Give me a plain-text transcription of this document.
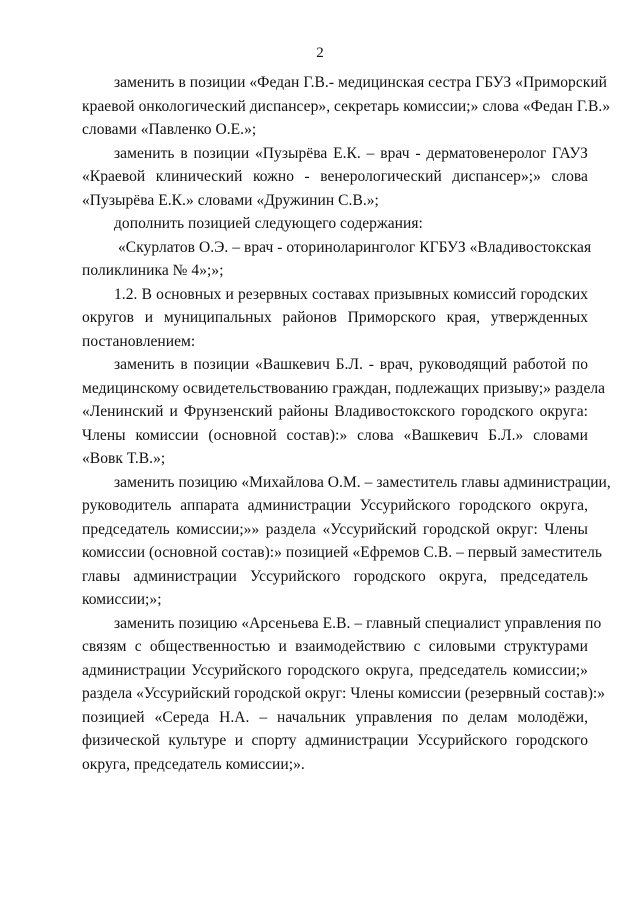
2
заменить в позиции «Федан Г.В.- медицинская сестра ГБУЗ «Приморский
краевой онкологический диспансер», секретарь комиссии;» слова «Федан Г.В.»
словами «Павленко О.Е.»;
заменить в позиции «Пузырёва Е.К. – врач - дерматовенеролог ГАУЗ
«Краевой клинический кожно - венерологический диспансер»;» слова
«Пузырёва Е.К.» словами «Дружинин С.В.»;
дополнить позицией следующего содержания:
«Скурлатов О.Э. – врач - оториноларинголог КГБУЗ «Владивостокская
поликлиника № 4»;»;
1.2. В основных и резервных составах призывных комиссий городских
округов и муниципальных районов Приморского края, утвержденных
постановлением:
заменить в позиции «Вашкевич Б.Л. - врач, руководящий работой по
медицинскому освидетельствованию граждан, подлежащих призыву;» раздела
«Ленинский и Фрунзенский районы Владивостокского городского округа:
Члены комиссии (основной состав):» слова «Вашкевич Б.Л.» словами
«Вовк Т.В.»;
заменить позицию «Михайлова О.М. – заместитель главы администрации,
руководитель аппарата администрации Уссурийского городского округа,
председатель комиссии;»» раздела «Уссурийский городской округ: Члены
комиссии (основной состав):» позицией «Ефремов С.В. – первый заместитель
главы администрации Уссурийского городского округа, председатель
комиссии;»;
заменить позицию «Арсеньева Е.В. – главный специалист управления по
связям с общественностью и взаимодействию с силовыми структурами
администрации Уссурийского городского округа, председатель комиссии;»
раздела «Уссурийский городской округ: Члены комиссии (резервный состав):»
позицией «Середа Н.А. – начальник управления по делам молодёжи,
физической культуре и спорту администрации Уссурийского городского
округа, председатель комиссии;».
